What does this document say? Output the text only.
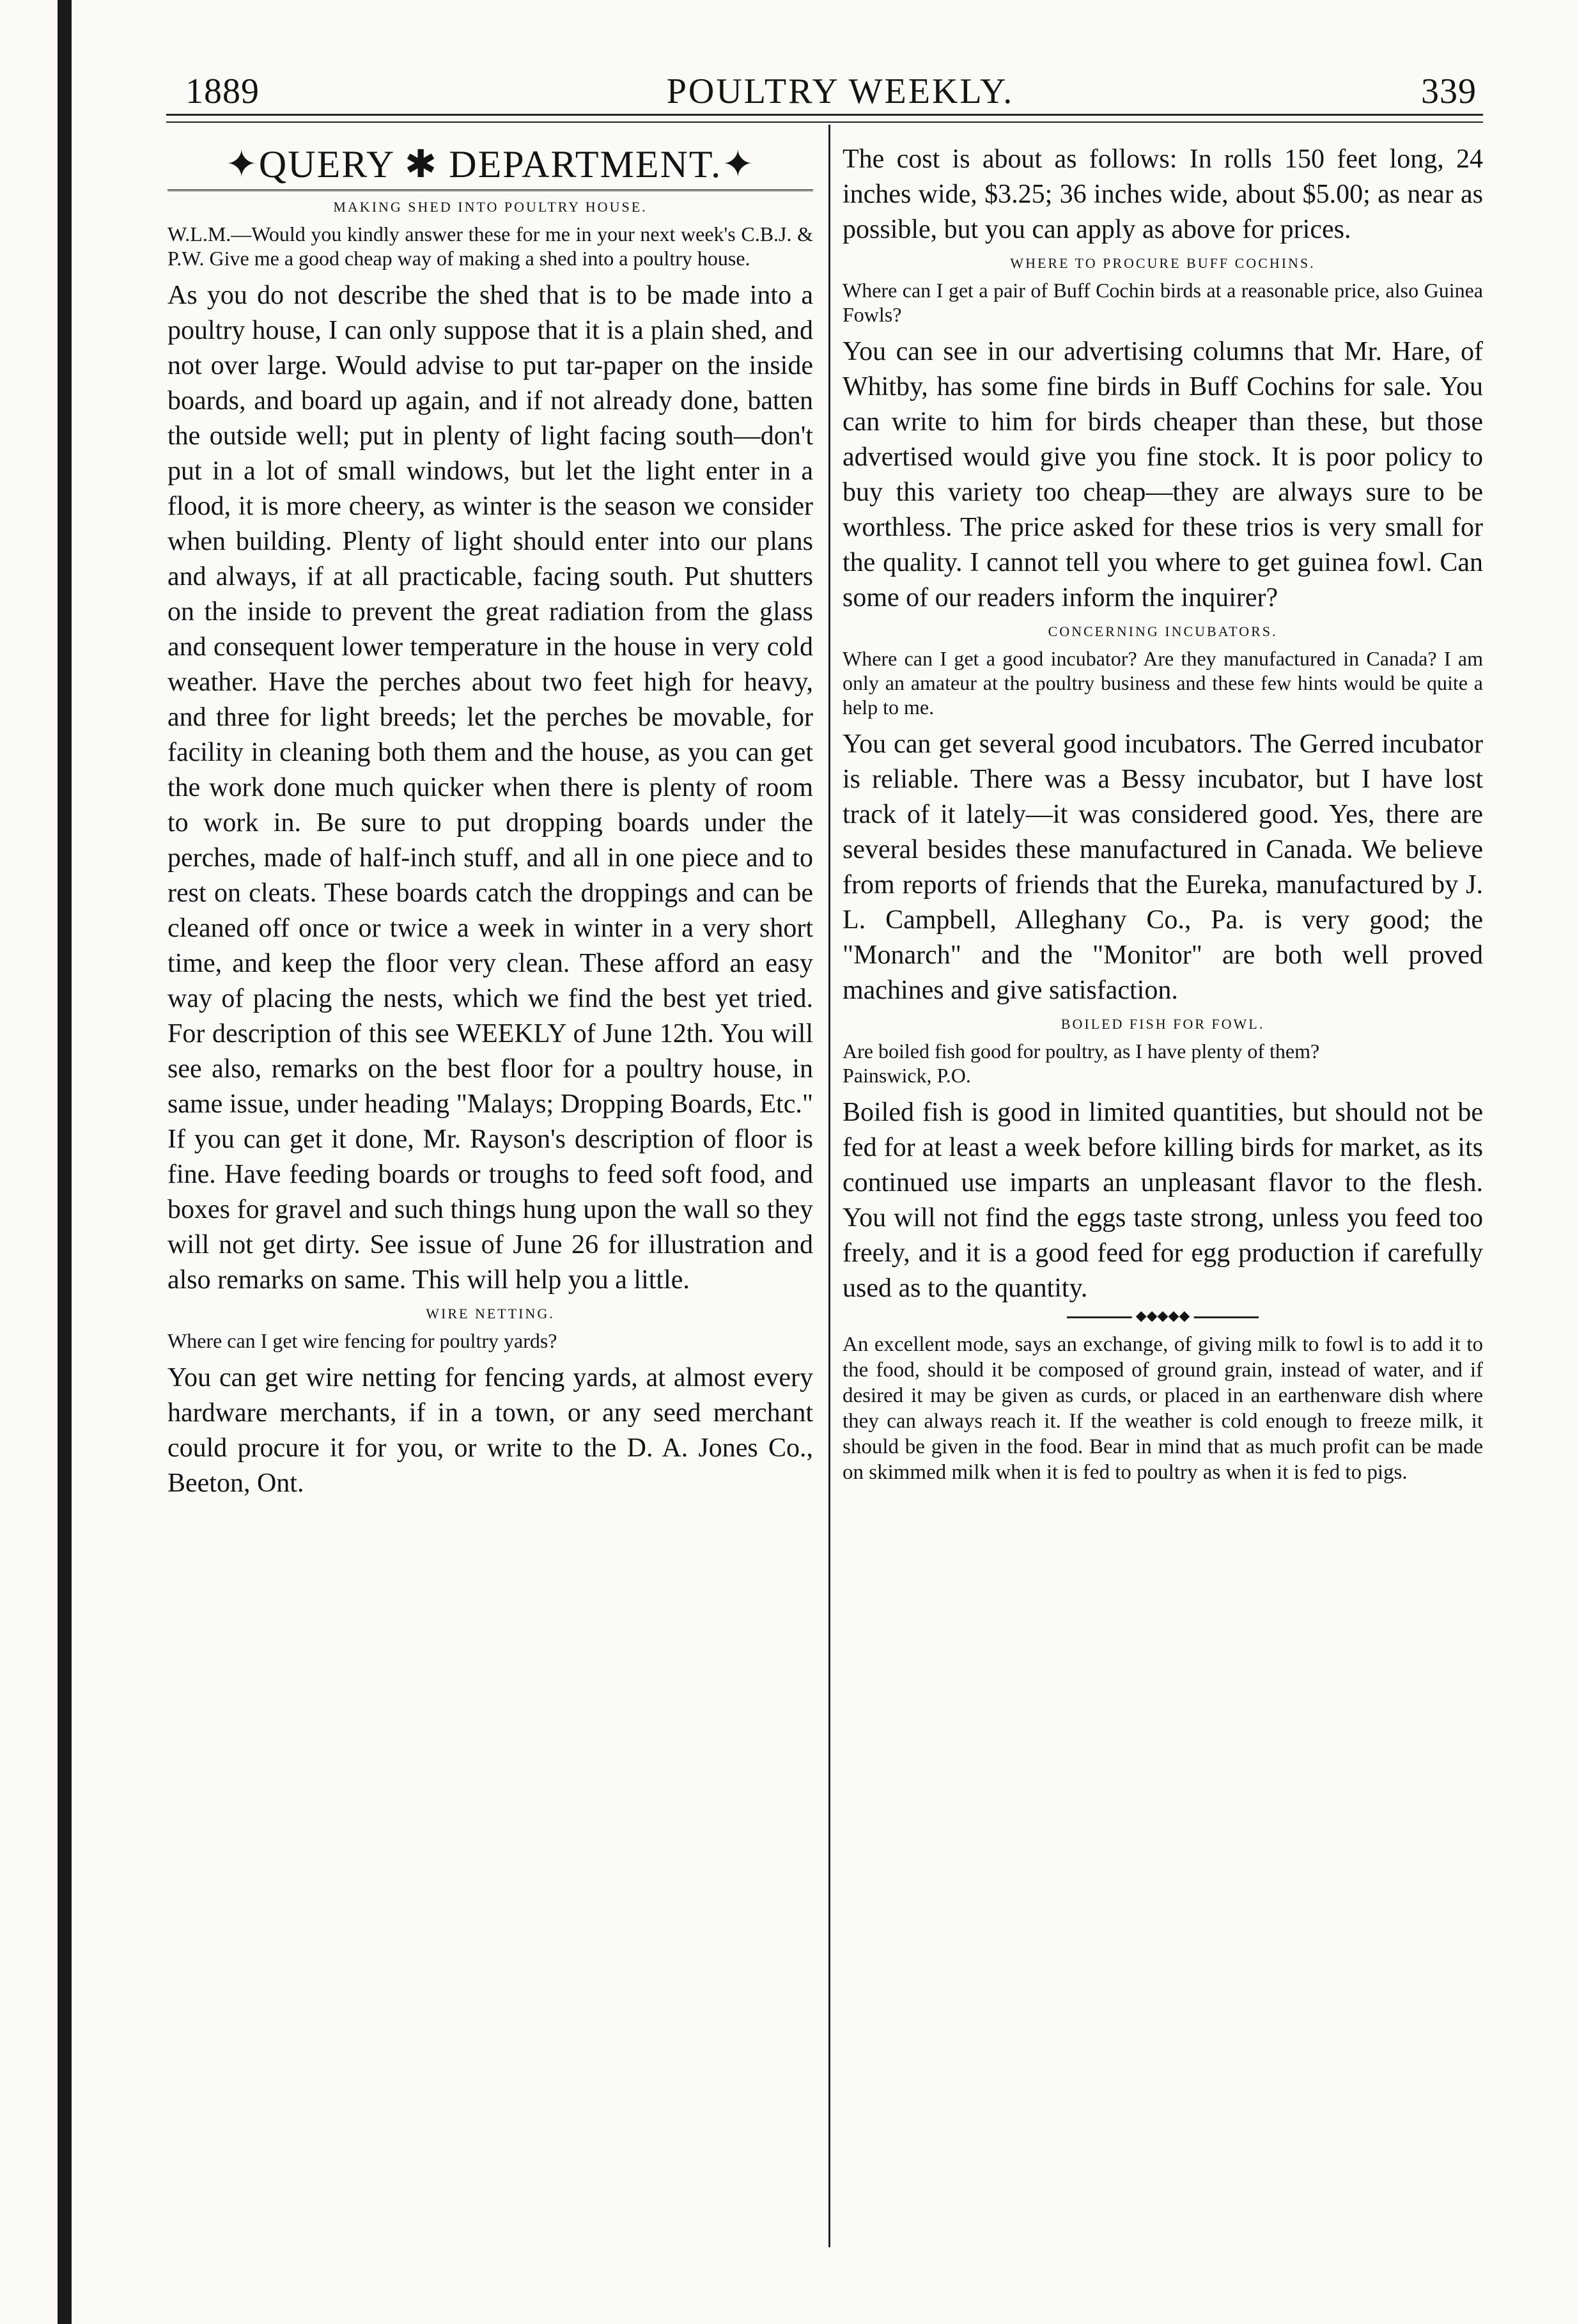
1889	POULTRY WEEKLY.	339
✦QUERY ✱ DEPARTMENT.✦
MAKING SHED INTO POULTRY HOUSE.

W.L.M.—Would you kindly answer these for me in your next week's C.B.J. & P.W. Give me a good cheap way of making a shed into a poultry house.

As you do not describe the shed that is to be made into a poultry house, I can only suppose that it is a plain shed, and not over large. Would advise to put tar-paper on the inside boards, and board up again, and if not already done, batten the outside well; put in plenty of light facing south—don't put in a lot of small windows, but let the light enter in a flood, it is more cheery, as winter is the season we consider when building. Plenty of light should enter into our plans and always, if at all practicable, facing south. Put shutters on the inside to prevent the great radiation from the glass and consequent lower temperature in the house in very cold weather. Have the perches about two feet high for heavy, and three for light breeds; let the perches be movable, for facility in cleaning both them and the house, as you can get the work done much quicker when there is plenty of room to work in. Be sure to put dropping boards under the perches, made of half-inch stuff, and all in one piece and to rest on cleats. These boards catch the droppings and can be cleaned off once or twice a week in winter in a very short time, and keep the floor very clean. These afford an easy way of placing the nests, which we find the best yet tried. For description of this see WEEKLY of June 12th. You will see also, remarks on the best floor for a poultry house, in same issue, under heading "Malays; Dropping Boards, Etc." If you can get it done, Mr. Rayson's description of floor is fine. Have feeding boards or troughs to feed soft food, and boxes for gravel and such things hung upon the wall so they will not get dirty. See issue of June 26 for illustration and also remarks on same. This will help you a little.

WIRE NETTING.

Where can I get wire fencing for poultry yards?

You can get wire netting for fencing yards, at almost every hardware merchants, if in a town, or any seed merchant could procure it for you, or write to the D. A. Jones Co., Beeton, Ont.

The cost is about as follows: In rolls 150 feet long, 24 inches wide, $3.25; 36 inches wide, about $5.00; as near as possible, but you can apply as above for prices.

WHERE TO PROCURE BUFF COCHINS.

Where can I get a pair of Buff Cochin birds at a reasonable price, also Guinea Fowls?

You can see in our advertising columns that Mr. Hare, of Whitby, has some fine birds in Buff Cochins for sale. You can write to him for birds cheaper than these, but those advertised would give you fine stock. It is poor policy to buy this variety too cheap—they are always sure to be worthless. The price asked for these trios is very small for the quality. I cannot tell you where to get guinea fowl. Can some of our readers inform the inquirer?

CONCERNING INCUBATORS.

Where can I get a good incubator? Are they manufactured in Canada? I am only an amateur at the poultry business and these few hints would be quite a help to me.

You can get several good incubators. The Gerred incubator is reliable. There was a Bessy incubator, but I have lost track of it lately—it was considered good. Yes, there are several besides these manufactured in Canada. We believe from reports of friends that the Eureka, manufactured by J. L. Campbell, Alleghany Co., Pa. is very good; the "Monarch" and the "Monitor" are both well proved machines and give satisfaction.

BOILED FISH FOR FOWL.

Are boiled fish good for poultry, as I have plenty of them?
Painswick, P.O.

Boiled fish is good in limited quantities, but should not be fed for at least a week before killing birds for market, as its continued use imparts an unpleasant flavor to the flesh. You will not find the eggs taste strong, unless you feed too freely, and it is a good feed for egg production if carefully used as to the quantity.

◆◆◆◆◆

An excellent mode, says an exchange, of giving milk to fowl is to add it to the food, should it be composed of ground grain, instead of water, and if desired it may be given as curds, or placed in an earthenware dish where they can always reach it. If the weather is cold enough to freeze milk, it should be given in the food. Bear in mind that as much profit can be made on skimmed milk when it is fed to poultry as when it is fed to pigs.
